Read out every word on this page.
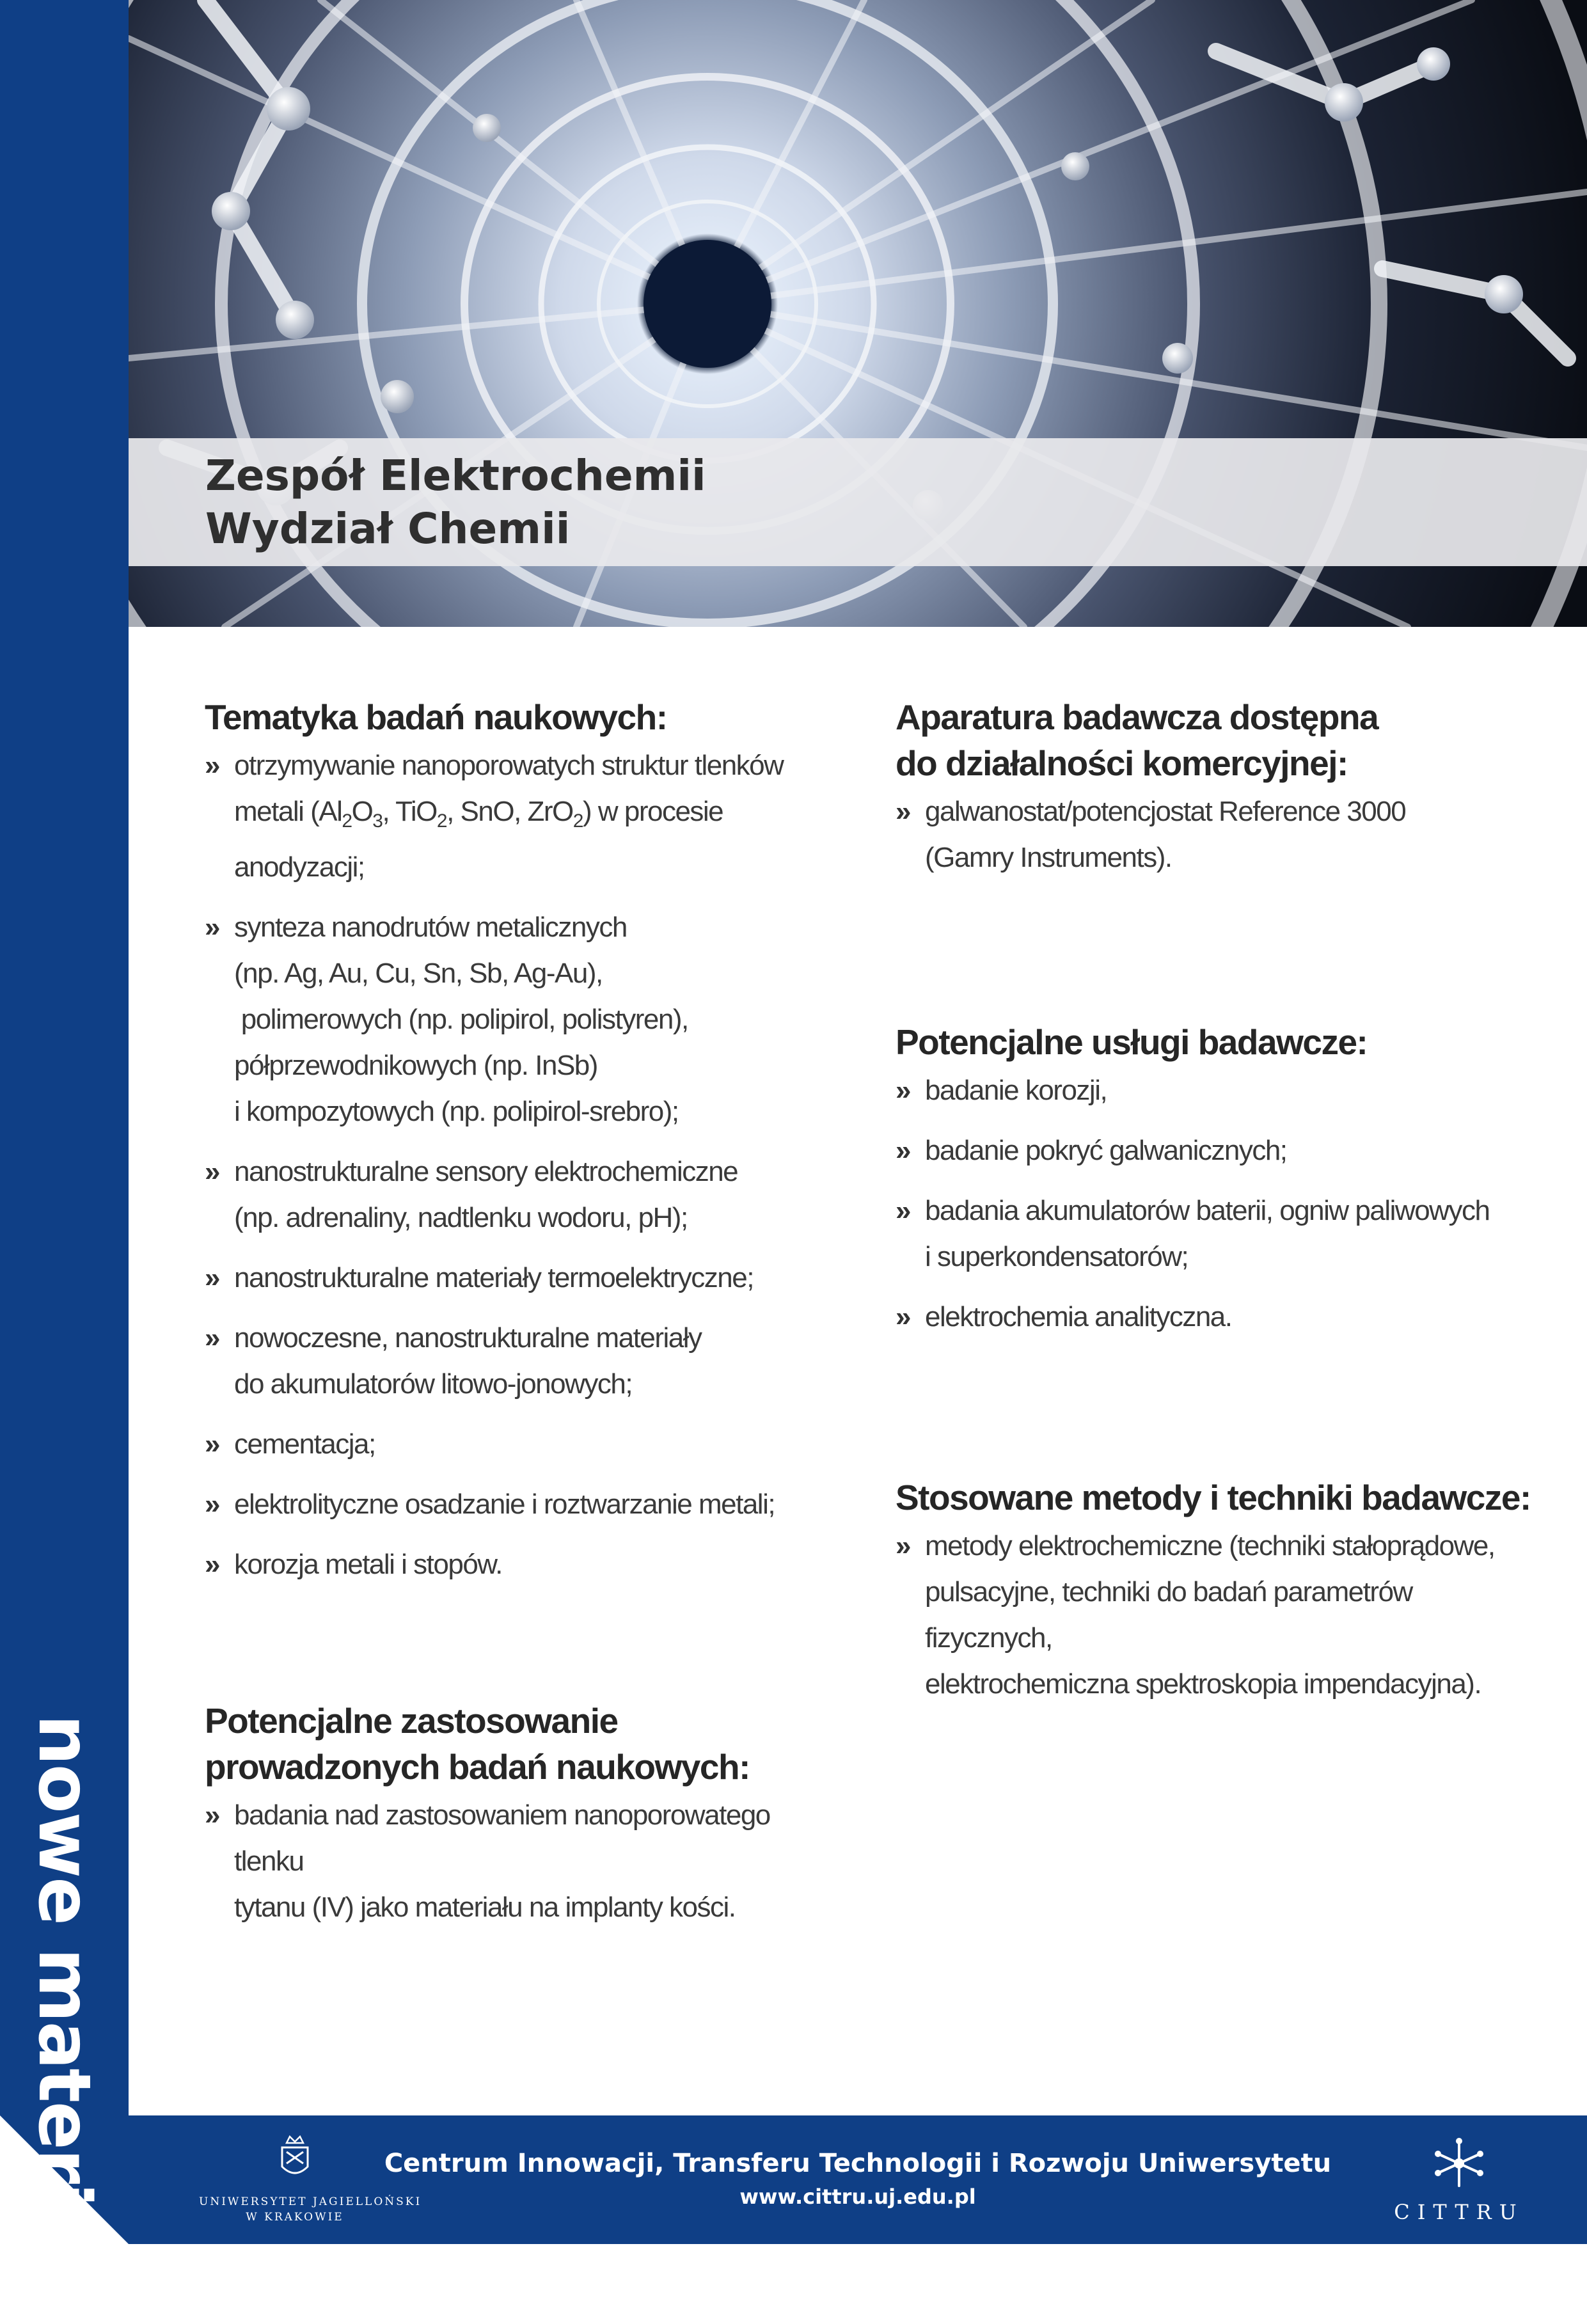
nowe materiały
Zespół Elektrochemii
Wydział Chemii
Tematyka badań naukowych:
» otrzymywanie nanoporowatych struktur tlenków
metali ($Al_2O_3$, TiO$_2$, SnO, ZrO$_2$) w procesie anodyzacji;
» synteza nanodrutów metalicznych
(np. Ag, Au, Cu, Sn, Sb, Ag-Au),
polimerowych (np. polipirol, polistyren),
półprzewodnikowych (np. InSb)
i kompozytowych (np. polipirol-srebro);
» nanostrukturalne sensory elektrochemiczne
(np. adrenaliny, nadtlenku wodoru, pH);
» nanostrukturalne materiały termoelektryczne;
» nowoczesne, nanostrukturalne materiały
do akumulatorów litowo-jonowych;
» cementacja;
» elektrolityczne osadzanie i roztwarzanie metali;
» korozja metali i stopów.
Potencjalne zastosowanie
prowadzonych badań naukowych:
» badania nad zastosowaniem nanoporowatego tlenku
tytanu (IV) jako materiału na implanty kości.
Aparatura badawcza dostępna
do działalności komercyjnej:
» galwanostat/potencjostat Reference 3000
(Gamry Instruments).
Potencjalne usługi badawcze:
» badanie korozji,
» badanie pokryć galwanicznych;
» badania akumulatorów baterii, ogniw paliwowych
i superkondensatorów;
» elektrochemia analityczna.
Stosowane metody i techniki badawcze:
» metody elektrochemiczne (techniki stałoprądowe,
pulsacyjne, techniki do badań parametrów fizycznych,
elektrochemiczna spektroskopia impendacyjna).
UNIWERSYTET JAGIELLOŃSKI
W KRAKOWIE
Centrum Innowacji, Transferu Technologii i Rozwoju Uniwersytetu
www.cittru.uj.edu.pl
CITTRU
